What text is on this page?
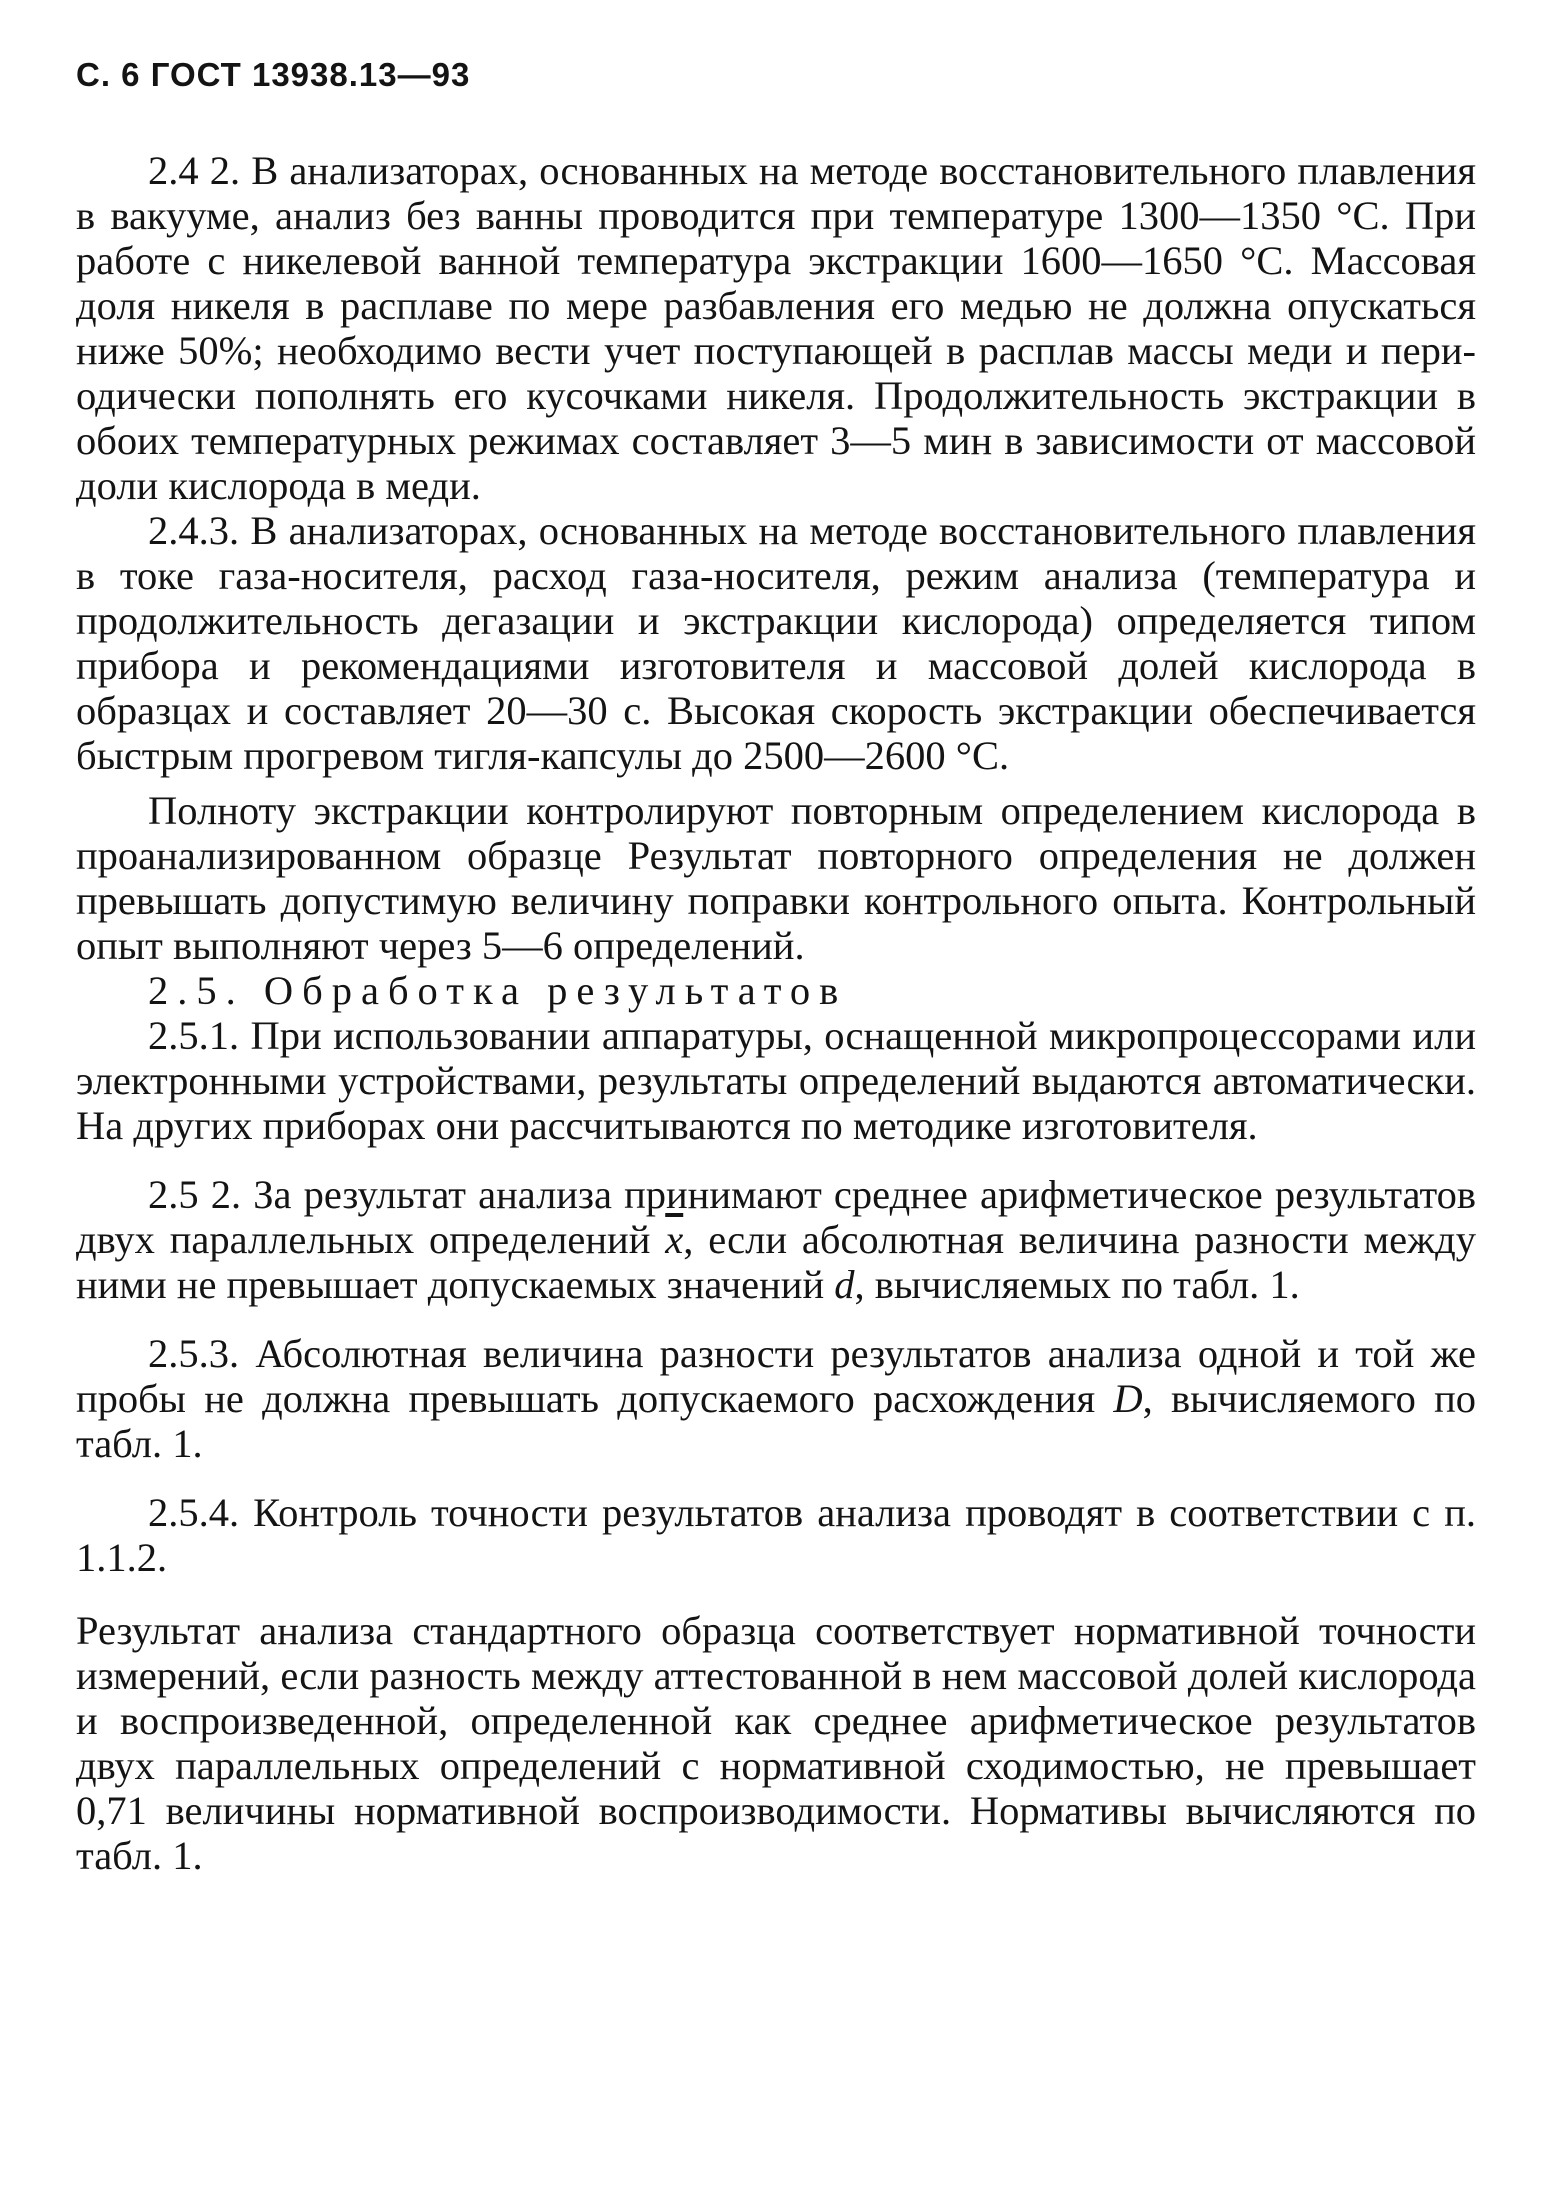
С. 6 ГОСТ 13938.13—93

2.4 2. В анализаторах, основанных на методе восстановительного плавления в вакууме, анализ без ванны проводится при температуре 1300—1350 °С. При работе с никелевой ванной температура экстракции 1600—1650 °С. Массовая доля никеля в расплаве по мере разбавления его медью не должна опускаться ниже 50%; необходимо вести учет поступающей в расплав массы меди и периодически пополнять его кусочками никеля. Продолжительность экстракции в обоих температурных режимах составляет 3—5 мин в зависимости от массовой доли кислорода в меди.

2.4.3. В анализаторах, основанных на методе восстановительного плавления в токе газа-носителя, расход газа-носителя, режим анализа (температура и продолжительность дегазации и экстракции кислорода) определяется типом прибора и рекомендациями изготовителя и массовой долей кислорода в образцах и составляет 20—30 с. Высокая скорость экстракции обеспечивается быстрым прогревом тигля-капсулы до 2500—2600 °С.

Полноту экстракции контролируют повторным определением кислорода в проанализированном образце Результат повторного определения не должен превышать допустимую величину поправки контрольного опыта. Контрольный опыт выполняют через 5—6 определений.

2.5. Обработка результатов

2.5.1. При использовании аппаратуры, оснащенной микропроцессорами или электронными устройствами, результаты определений выдаются автоматически. На других приборах они рассчитываются по методике изготовителя.

2.5 2. За результат анализа принимают среднее арифметическое результатов двух параллельных определений $\overline{x}$, если абсолютная величина разности между ними не превышает допускаемых значений d, вычисляемых по табл. 1.

2.5.3. Абсолютная величина разности результатов анализа одной и той же пробы не должна превышать допускаемого расхождения D, вычисляемого по табл. 1.

2.5.4. Контроль точности результатов анализа проводят в соответствии с п. 1.1.2.

Результат анализа стандартного образца соответствует нормативной точности измерений, если разность между аттестованной в нем массовой долей кислорода и воспроизведенной, определенной как среднее арифметическое результатов двух параллельных определений с нормативной сходимостью, не превышает 0,71 величины нормативной воспроизводимости. Нормативы вычисляются по табл. 1.
